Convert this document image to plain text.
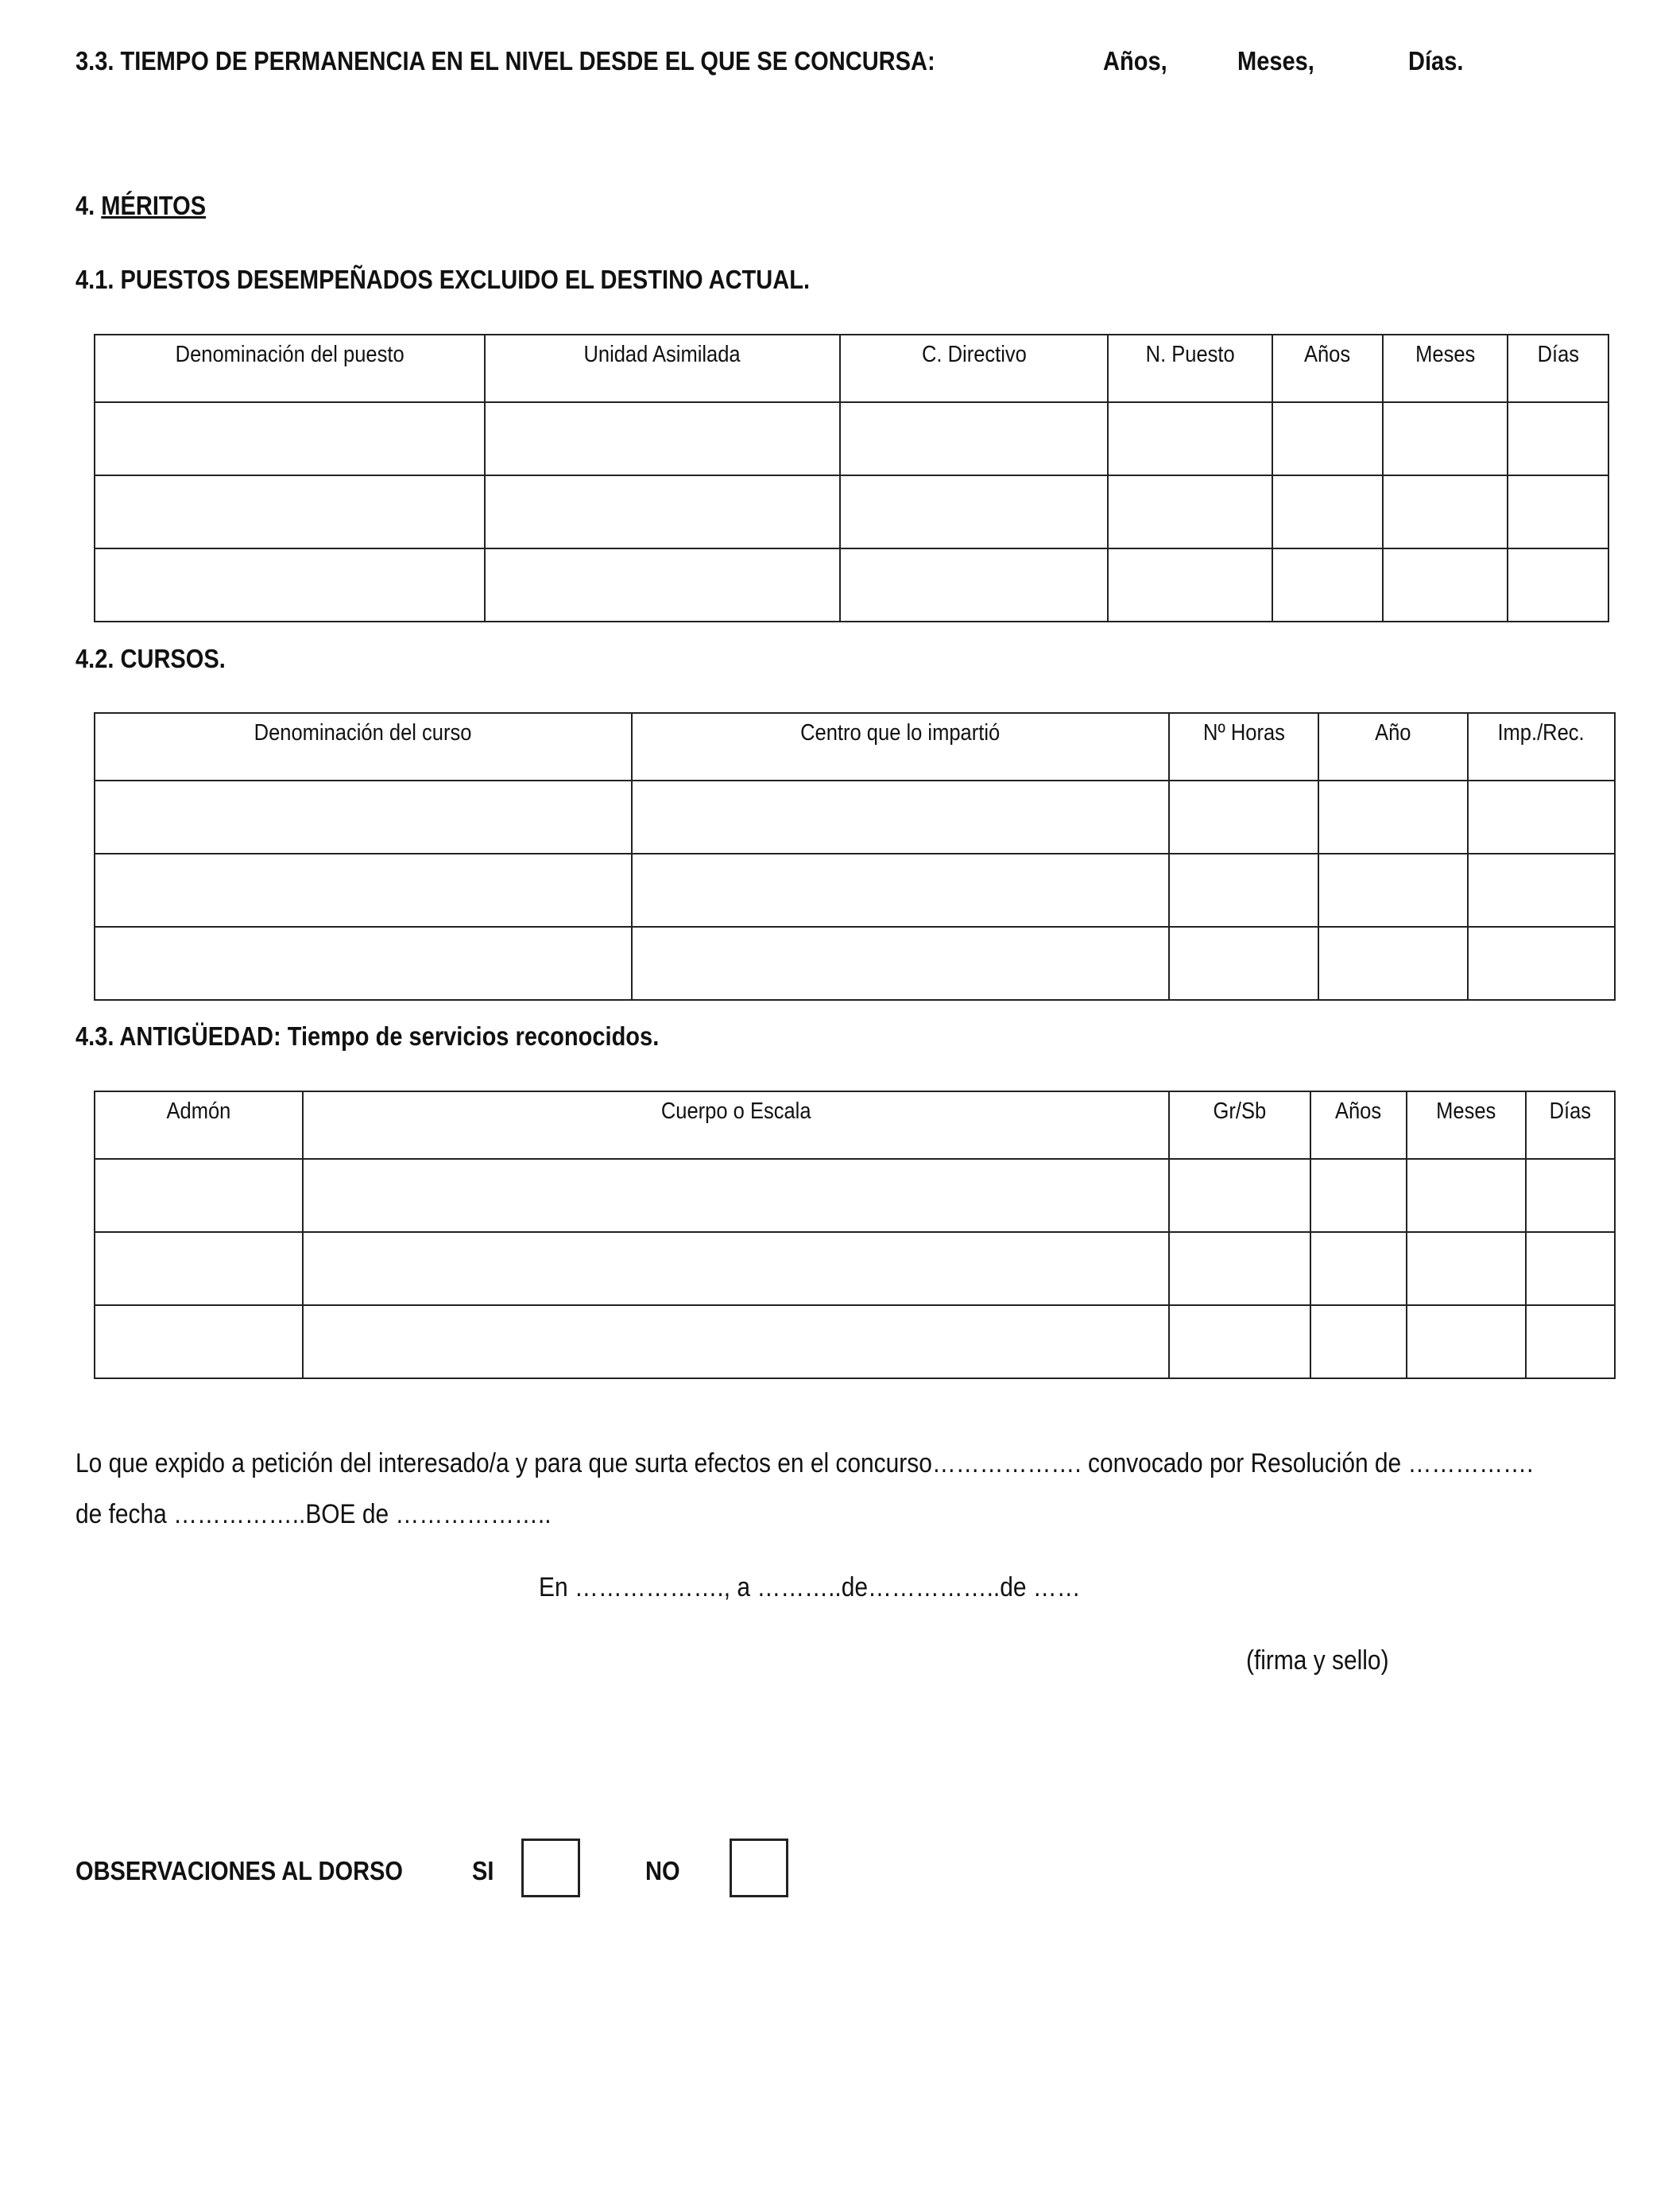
3.3. TIEMPO DE PERMANENCIA EN EL NIVEL DESDE EL QUE SE CONCURSA:	Años,	Meses,	Días.
4. MÉRITOS
4.1. PUESTOS DESEMPEÑADOS EXCLUIDO EL DESTINO ACTUAL.
Denominación del puesto	Unidad Asimilada	C. Directivo	N. Puesto	Años	Meses	Días

4.2. CURSOS.
Denominación del curso	Centro que lo impartió	Nº Horas	Año	Imp./Rec.

4.3. ANTIGÜEDAD: Tiempo de servicios reconocidos.
Admón	Cuerpo o Escala	Gr/Sb	Años	Meses	Días

Lo que expido a petición del interesado/a y para que surta efectos en el concurso………………. convocado por Resolución de …………….
de fecha ……………..BOE de ………………..
En ………………., a ………..de……………..de ……
(firma y sello)
OBSERVACIONES AL DORSO	SI	NO
